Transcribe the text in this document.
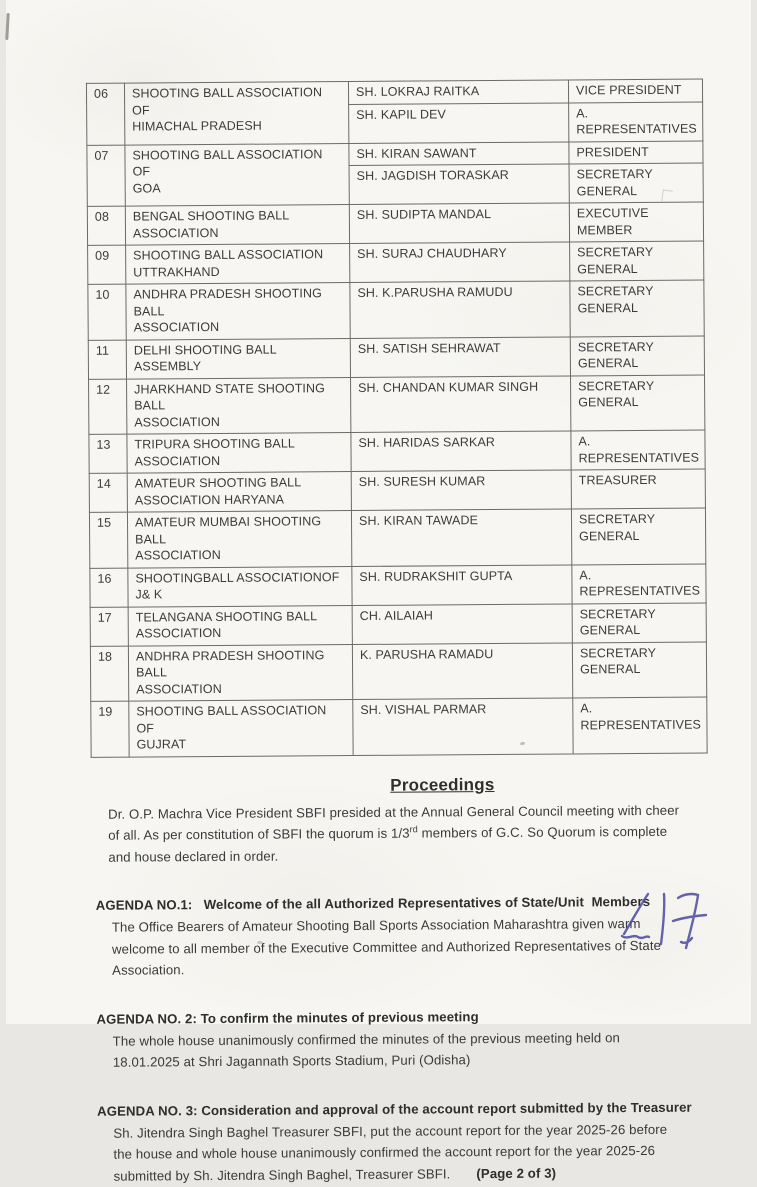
06	SHOOTING BALL ASSOCIATION OF
HIMACHAL PRADESH	SH. LOKRAJ RAITKA	VICE PRESIDENT
		SH. KAPIL DEV	A. REPRESENTATIVES
07	SHOOTING BALL ASSOCIATION OF
GOA	SH. KIRAN SAWANT	PRESIDENT
		SH. JAGDISH TORASKAR	SECRETARY GENERAL
08	BENGAL SHOOTING BALL
ASSOCIATION	SH. SUDIPTA MANDAL	EXECUTIVE MEMBER
09	SHOOTING BALL ASSOCIATION
UTTRAKHAND	SH. SURAJ CHAUDHARY	SECRETARY GENERAL
10	ANDHRA PRADESH SHOOTING BALL
ASSOCIATION	SH. K.PARUSHA RAMUDU	SECRETARY GENERAL
11	DELHI SHOOTING BALL ASSEMBLY	SH. SATISH SEHRAWAT	SECRETARY GENERAL
12	JHARKHAND STATE SHOOTING BALL
ASSOCIATION	SH. CHANDAN KUMAR SINGH	SECRETARY GENERAL
13	TRIPURA SHOOTING BALL
ASSOCIATION	SH. HARIDAS SARKAR	A. REPRESENTATIVES
14	AMATEUR SHOOTING BALL
ASSOCIATION HARYANA	SH. SURESH KUMAR	TREASURER
15	AMATEUR MUMBAI SHOOTING BALL
ASSOCIATION	SH. KIRAN TAWADE	SECRETARY GENERAL
16	SHOOTINGBALL ASSOCIATIONOF J& K	SH. RUDRAKSHIT GUPTA	A. REPRESENTATIVES
17	TELANGANA SHOOTING BALL
ASSOCIATION	CH. AILAIAH	SECRETARY GENERAL
18	ANDHRA PRADESH SHOOTING BALL
ASSOCIATION	K. PARUSHA RAMADU	SECRETARY GENERAL
19	SHOOTING BALL ASSOCIATION OF
GUJRAT	SH. VISHAL PARMAR	A. REPRESENTATIVES
Proceedings

Dr. O.P. Machra Vice President SBFI presided at the Annual General Council meeting with cheer of all. As per constitution of SBFI the quorum is 1/3rd members of G.C. So Quorum is complete and house declared in order.

AGENDA NO.1:   Welcome of the all Authorized Representatives of State/Unit  Members

The Office Bearers of Amateur Shooting Ball Sports Association Maharashtra given warm welcome to all member of the Executive Committee and Authorized Representatives of State Association.

AGENDA NO. 2: To confirm the minutes of previous meeting

The whole house unanimously confirmed the minutes of the previous meeting held on 18.01.2025 at Shri Jagannath Sports Stadium, Puri (Odisha)

AGENDA NO. 3: Consideration and approval of the account report submitted by the Treasurer

Sh. Jitendra Singh Baghel Treasurer SBFI, put the account report for the year 2025-26 before the house and whole house unanimously confirmed the account report for the year 2025-26 submitted by Sh. Jitendra Singh Baghel, Treasurer SBFI. (Page 2 of 3)
